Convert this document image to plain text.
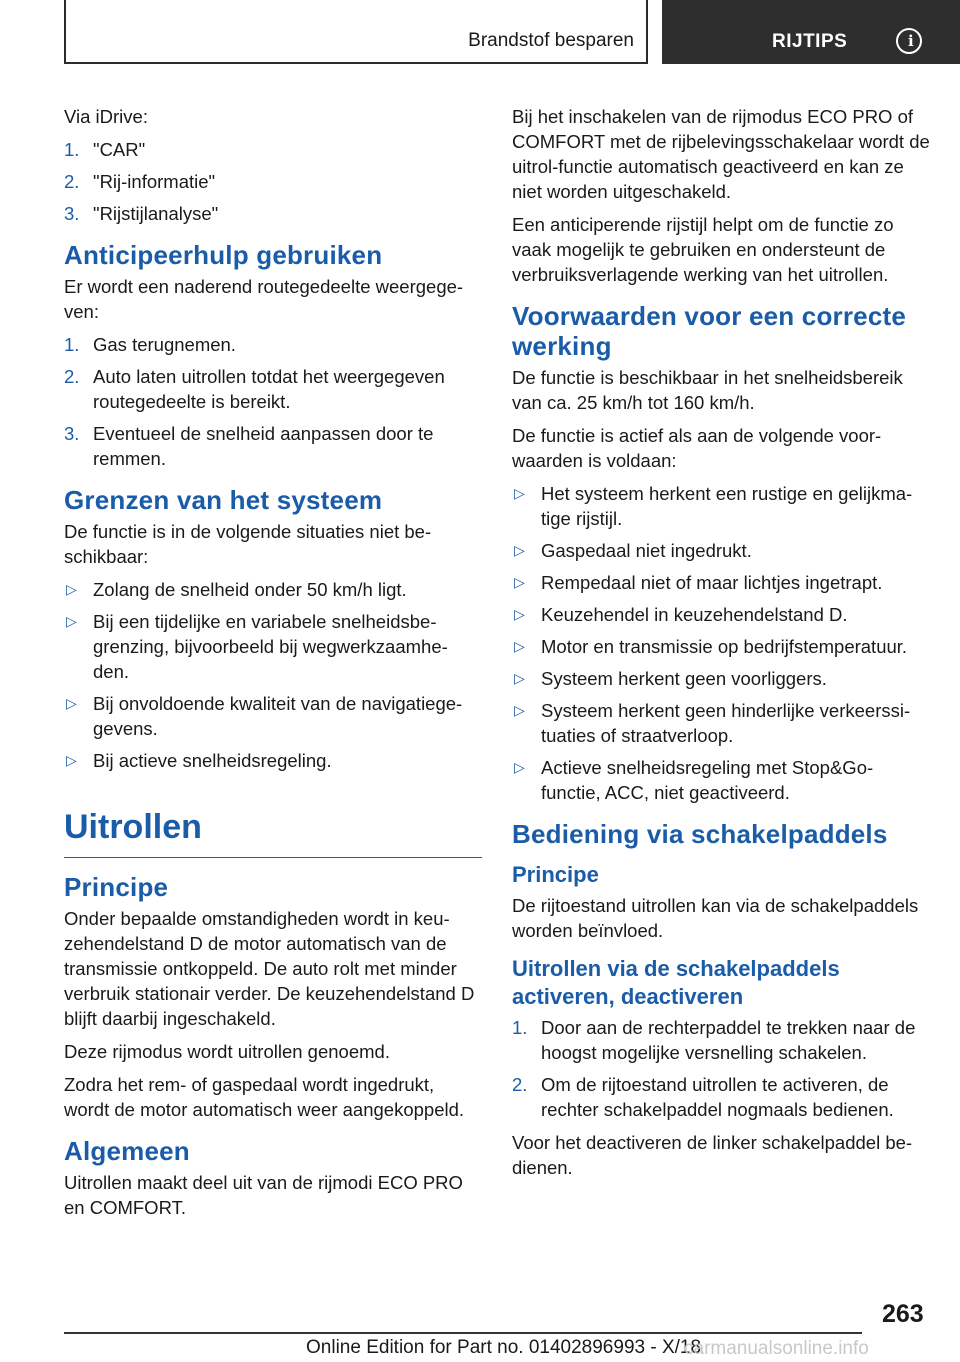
Brandstof besparen	RIJTIPS	i

Via iDrive:

1. "CAR"
2. "Rij-informatie"
3. "Rijstijlanalyse"
Anticipeerhulp gebruiken

Er wordt een naderend routegedeelte weergege-ven:

1. Gas terugnemen.
2. Auto laten uitrollen totdat het weergegeven routegedeelte is bereikt.
3. Eventueel de snelheid aanpassen door te remmen.
Grenzen van het systeem

De functie is in de volgende situaties niet be-schikbaar:

▷ Zolang de snelheid onder 50 km/h ligt.
▷ Bij een tijdelijke en variabele snelheidsbe-grenzing, bijvoorbeeld bij wegwerkzaamhe-den.
▷ Bij onvoldoende kwaliteit van de navigatiege-gevens.
▷ Bij actieve snelheidsregeling.
Uitrollen
Principe

Onder bepaalde omstandigheden wordt in keu-zehendelstand D de motor automatisch van de transmissie ontkoppeld. De auto rolt met minder verbruik stationair verder. De keuzehendelstand D blijft daarbij ingeschakeld.

Deze rijmodus wordt uitrollen genoemd.

Zodra het rem- of gaspedaal wordt ingedrukt, wordt de motor automatisch weer aangekoppeld.

Algemeen

Uitrollen maakt deel uit van de rijmodi ECO PRO en COMFORT.

Bij het inschakelen van de rijmodus ECO PRO of COMFORT met de rijbelevingsschakelaar wordt de uitrol-functie automatisch geactiveerd en kan ze niet worden uitgeschakeld.

Een anticiperende rijstijl helpt om de functie zo vaak mogelijk te gebruiken en ondersteunt de verbruiksverlagende werking van het uitrollen.

Voorwaarden voor een correcte werking

De functie is beschikbaar in het snelheidsbereik van ca. 25 km/h tot 160 km/h.

De functie is actief als aan de volgende voor-waarden is voldaan:

▷ Het systeem herkent een rustige en gelijkma-tige rijstijl.
▷ Gaspedaal niet ingedrukt.
▷ Rempedaal niet of maar lichtjes ingetrapt.
▷ Keuzehendel in keuzehendelstand D.
▷ Motor en transmissie op bedrijfstemperatuur.
▷ Systeem herkent geen voorliggers.
▷ Systeem herkent geen hinderlijke verkeerssi-tuaties of straatverloop.
▷ Actieve snelheidsregeling met Stop&Go-functie, ACC, niet geactiveerd.
Bediening via schakelpaddels
Principe

De rijtoestand uitrollen kan via de schakelpaddels worden beïnvloed.

Uitrollen via de schakelpaddels activeren, deactiveren
1. Door aan de rechterpaddel te trekken naar de hoogst mogelijke versnelling schakelen.
2. Om de rijtoestand uitrollen te activeren, de rechter schakelpaddel nogmaals bedienen.

Voor het deactiveren de linker schakelpaddel be-dienen.

263
Online Edition for Part no. 01402896993 - X/18
carmanualsonline.info
